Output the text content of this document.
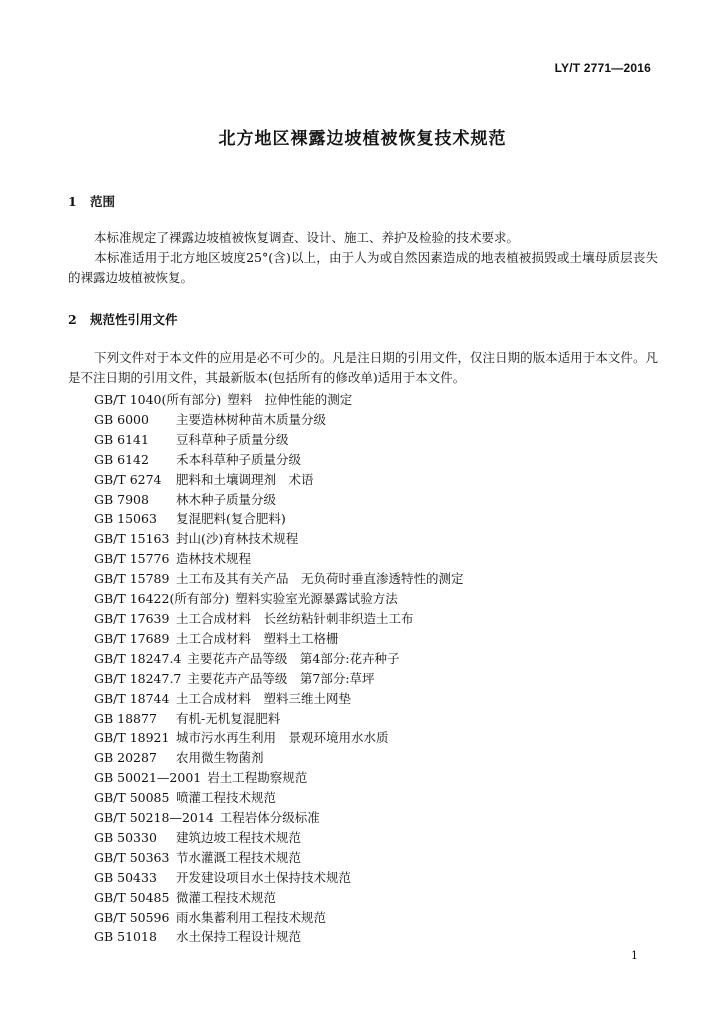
LY/T 2771—2016
北方地区裸露边坡植被恢复技术规范
1 范围
本标准规定了裸露边坡植被恢复调查、设计、施工、养护及检验的技术要求。
本标准适用于北方地区坡度25°(含)以上，由于人为或自然因素造成的地表植被损毁或土壤母质层丧失的裸露边坡植被恢复。
2 规范性引用文件
下列文件对于本文件的应用是必不可少的。凡是注日期的引用文件，仅注日期的版本适用于本文件。凡是不注日期的引用文件，其最新版本(包括所有的修改单)适用于本文件。
GB/T 1040(所有部分) 塑料　拉伸性能的测定
GB 6000 主要造林树种苗木质量分级
GB 6141 豆科草种子质量分级
GB 6142 禾本科草种子质量分级
GB/T 6274 肥料和土壤调理剂　术语
GB 7908 林木种子质量分级
GB 15063 复混肥料(复合肥料)
GB/T 15163 封山(沙)育林技术规程
GB/T 15776 造林技术规程
GB/T 15789 土工布及其有关产品　无负荷时垂直渗透特性的测定
GB/T 16422(所有部分) 塑料实验室光源暴露试验方法
GB/T 17639 土工合成材料　长丝纺粘针刺非织造土工布
GB/T 17689 土工合成材料　塑料土工格栅
GB/T 18247.4 主要花卉产品等级　第4部分:花卉种子
GB/T 18247.7 主要花卉产品等级　第7部分:草坪
GB/T 18744 土工合成材料　塑料三维土网垫
GB 18877 有机-无机复混肥料
GB/T 18921 城市污水再生利用　景观环境用水水质
GB 20287 农用微生物菌剂
GB 50021—2001 岩土工程勘察规范
GB/T 50085 喷灌工程技术规范
GB/T 50218—2014 工程岩体分级标准
GB 50330 建筑边坡工程技术规范
GB/T 50363 节水灌溉工程技术规范
GB 50433 开发建设项目水土保持技术规范
GB/T 50485 微灌工程技术规范
GB/T 50596 雨水集蓄利用工程技术规范
GB 51018 水土保持工程设计规范
1
